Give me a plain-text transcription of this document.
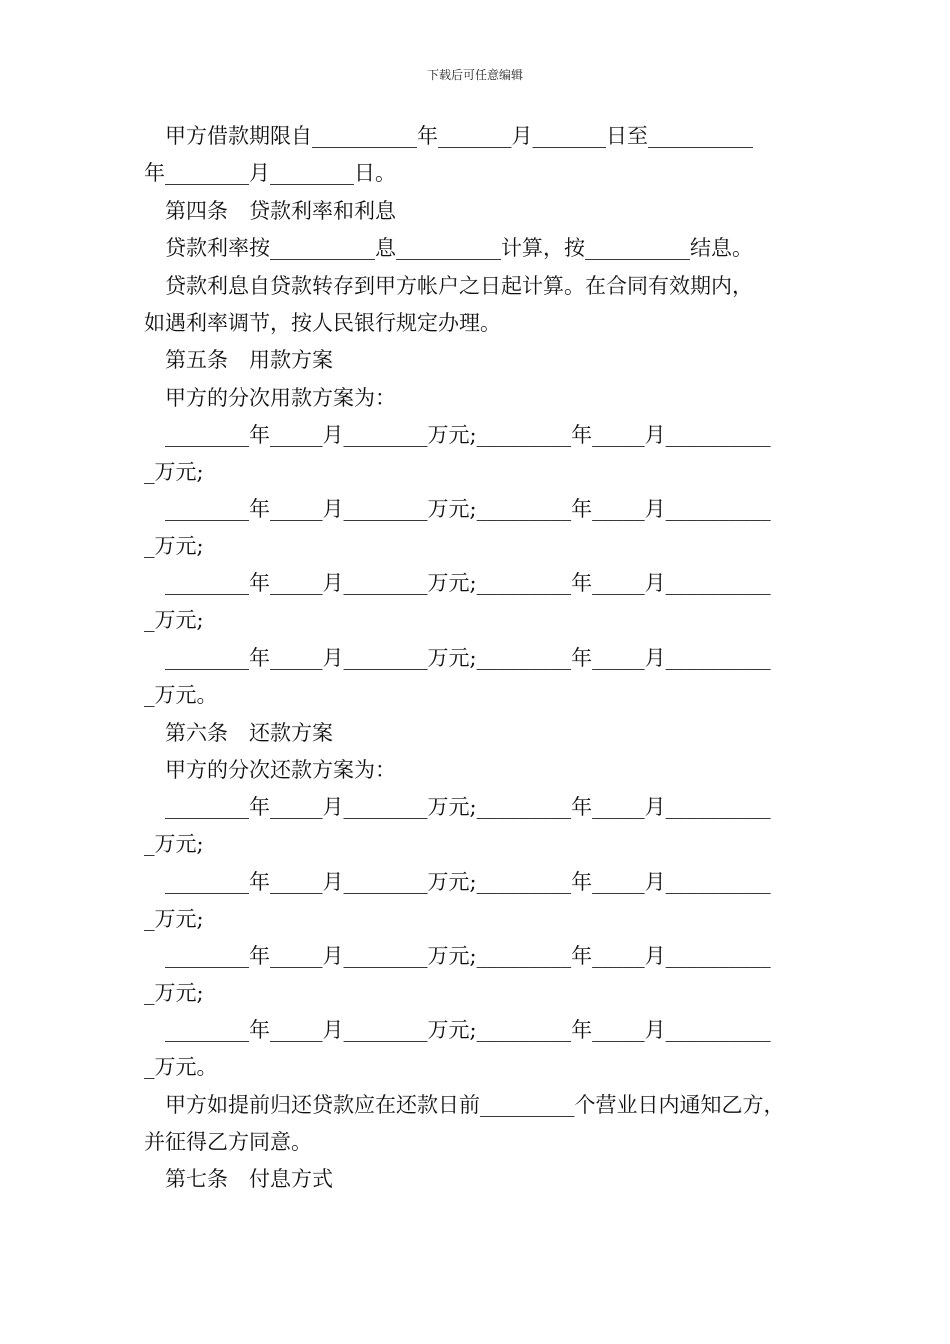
下载后可任意编辑
甲方借款期限自__________年_______月_______日至__________
年________月________日。
第四条　贷款利率和利息
贷款利率按__________息__________计算，按__________结息。
贷款利息自贷款转存到甲方帐户之日起计算。在合同有效期内，
如遇利率调节，按人民银行规定办理。
第五条　用款方案
甲方的分次用款方案为：
________年_____月________万元;_________年_____月__________
_万元;
________年_____月________万元;_________年_____月__________
_万元;
________年_____月________万元;_________年_____月__________
_万元;
________年_____月________万元;_________年_____月__________
_万元。
第六条　还款方案
甲方的分次还款方案为：
________年_____月________万元;_________年_____月__________
_万元;
________年_____月________万元;_________年_____月__________
_万元;
________年_____月________万元;_________年_____月__________
_万元;
________年_____月________万元;_________年_____月__________
_万元。
甲方如提前归还贷款应在还款日前_________个营业日内通知乙方，
并征得乙方同意。
第七条　付息方式
